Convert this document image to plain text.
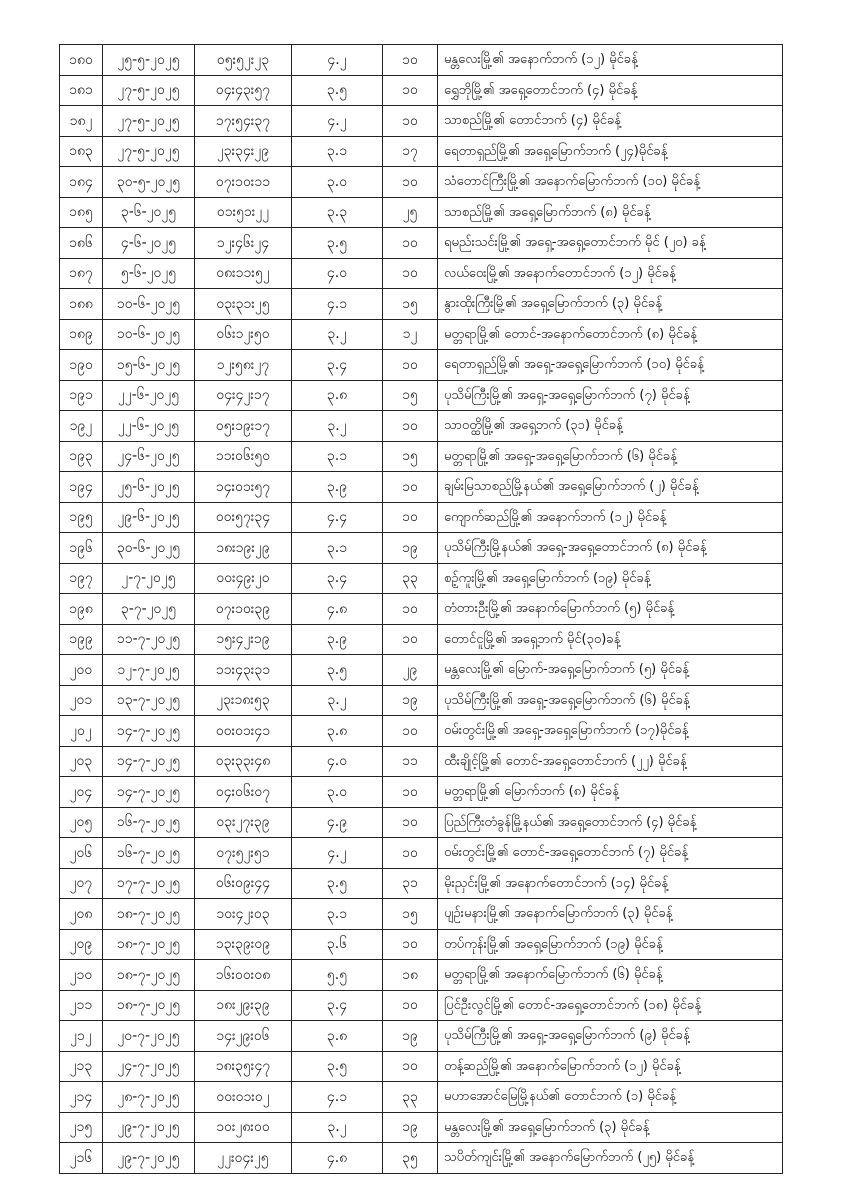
၁၈၀	၂၅-၅-၂၀၂၅	၀၅း၅၂း၂၃	၄.၂	၁၀	မန္တလေးမြို့၏ အနောက်ဘက် (၁၂) မိုင်ခန့်
၁၈၁	၂၇-၅-၂၀၂၅	၀၄း၄၃း၅၇	၃.၅	၁၀	ရွှေဘိုမြို့၏ အရှေ့တောင်ဘက် (၄) မိုင်ခန့်
၁၈၂	၂၇-၅-၂၀၂၅	၁၇း၅၄း၃၇	၄.၂	၁၀	သာစည်မြို့၏ တောင်ဘက် (၄) မိုင်ခန့်
၁၈၃	၂၇-၅-၂၀၂၅	၂၃း၃၄း၂၉	၃.၁	၁၇	ရေတာရှည်မြို့၏ အရှေ့မြောက်ဘက် (၂၄)မိုင်ခန့်
၁၈၄	၃၀-၅-၂၀၂၅	၀၇း၁၀း၁၁	၃.၀	၁၀	သံတောင်ကြီးမြို့၏ အနောက်မြောက်ဘက် (၁၀) မိုင်ခန့်
၁၈၅	၃-၆-၂၀၂၅	၀၁း၅၁း၂၂	၃.၃	၂၅	သာစည်မြို့၏ အရှေ့မြောက်ဘက် (၈) မိုင်ခန့်
၁၈၆	၄-၆-၂၀၂၅	၁၂း၄၆း၂၄	၃.၅	၁၀	ရမည်းသင်းမြို့၏ အရှေ့-အရှေ့တောင်ဘက် မိုင် (၂၀) ခန့်
၁၈၇	၅-၆-၂၀၂၅	၀၈း၁၁း၅၂	၄.၀	၁၀	လယ်ဝေးမြို့၏ အနောက်တောင်ဘက် (၁၂) မိုင်ခန့်
၁၈၈	၁၀-၆-၂၀၂၅	၀၃း၃၁း၂၅	၄.၁	၁၅	နွားထိုးကြီးမြို့၏ အရှေ့မြောက်ဘက် (၃) မိုင်ခန့်
၁၈၉	၁၀-၆-၂၀၂၅	၀၆း၁၂း၅၀	၃.၂	၁၂	မတ္တရာမြို့၏ တောင်-အနောက်တောင်ဘက် (၈) မိုင်ခန့်
၁၉၀	၁၅-၆-၂၀၂၅	၁၂း၅၈း၂၇	၃.၄	၁၀	ရေတာရှည်မြို့၏ အရှေ့-အရှေ့မြောက်ဘက် (၁၀) မိုင်ခန့်
၁၉၁	၂၂-၆-၂၀၂၅	၀၄း၄၂း၁၇	၃.၈	၁၅	ပုသိမ်ကြီးမြို့၏ အရှေ့-အရှေ့မြောက်ဘက် (၇) မိုင်ခန့်
၁၉၂	၂၂-၆-၂၀၂၅	၀၅း၁၉း၁၇	၃.၂	၁၀	သာဝတ္ထိမြို့၏ အရှေ့ဘက် (၃၁) မိုင်ခန့်
၁၉၃	၂၄-၆-၂၀၂၅	၁၁း၀၆း၅၀	၃.၁	၁၅	မတ္တရာမြို့၏ အရှေ့-အရှေ့မြောက်ဘက် (၆) မိုင်ခန့်
၁၉၄	၂၅-၆-၂၀၂၅	၁၄း၀၁း၅၇	၃.၉	၁၀	ချမ်းမြသာစည်မြို့နယ်၏ အရှေ့မြောက်ဘက် (၂) မိုင်ခန့်
၁၉၅	၂၉-၆-၂၀၂၅	၀၀း၅၇း၃၄	၄.၄	၁၀	ကျောက်ဆည်မြို့၏ အနောက်ဘက် (၁၂) မိုင်ခန့်
၁၉၆	၃၀-၆-၂၀၂၅	၁၈း၁၉း၂၉	၃.၁	၁၉	ပုသိမ်ကြီးမြို့နယ်၏ အရှေ့-အရှေ့တောင်ဘက် (၈) မိုင်ခန့်
၁၉၇	၂-၇-၂၀၂၅	၀၀း၄၉း၂၀	၃.၄	၃၃	စဉ့်ကူးမြို့၏ အရှေ့မြောက်ဘက် (၁၉) မိုင်ခန့်
၁၉၈	၃-၇-၂၀၂၅	၀၇း၁၀း၃၉	၄.၈	၁၀	တံတားဦးမြို့၏ အနောက်မြောက်ဘက် (၅) မိုင်ခန့်
၁၉၉	၁၁-၇-၂၀၂၅	၁၅း၄၂း၁၉	၃.၉	၁၀	တောင်ငူမြို့၏ အရှေ့ဘက် မိုင်(၃၀)ခန့်
၂၀၀	၁၂-၇-၂၀၂၅	၁၁း၄၃း၃၁	၃.၅	၂၉	မန္တလေးမြို့၏ မြောက်-အရှေ့မြောက်ဘက် (၅) မိုင်ခန့်
၂၀၁	၁၃-၇-၂၀၂၅	၂၃း၁၈း၅၃	၃.၂	၁၉	ပုသိမ်ကြီးမြို့၏ အရှေ့-အရှေ့မြောက်ဘက် (၆) မိုင်ခန့်
၂၀၂	၁၄-၇-၂၀၂၅	၀၀း၀၁း၄၁	၃.၈	၁၀	ဝမ်းတွင်းမြို့၏ အရှေ့-အရှေ့မြောက်ဘက် (၁၇)မိုင်ခန့်
၂၀၃	၁၄-၇-၂၀၂၅	၀၃း၃၃း၄၈	၄.၀	၁၁	ထီးချိုင့်မြို့၏ တောင်-အရှေ့တောင်ဘက် (၂၂) မိုင်ခန့်
၂၀၄	၁၄-၇-၂၀၂၅	၀၄း၀၆း၀၇	၃.၀	၁၀	မတ္တရာမြို့၏ မြောက်ဘက် (၈) မိုင်ခန့်
၂၀၅	၁၆-၇-၂၀၂၅	၀၃း၂၇း၃၉	၄.၉	၁၀	ပြည်ကြီးတံခွန်မြို့နယ်၏ အရှေ့တောင်ဘက် (၄) မိုင်ခန့်
၂၀၆	၁၆-၇-၂၀၂၅	၀၇း၅၂း၅၁	၄.၂	၁၀	ဝမ်းတွင်းမြို့၏ တောင်-အရှေ့တောင်ဘက် (၇) မိုင်ခန့်
၂၀၇	၁၇-၇-၂၀၂၅	၀၆း၀၉း၄၄	၃.၅	၃၁	မိုးညှင်းမြို့၏ အနောက်တောင်ဘက် (၁၄) မိုင်ခန့်
၂၀၈	၁၈-၇-၂၀၂၅	၁၀း၄၂း၀၃	၃.၁	၁၅	ပျဉ်းမနားမြို့၏ အနောက်မြောက်ဘက် (၃) မိုင်ခန့်
၂၀၉	၁၈-၇-၂၀၂၅	၁၃း၃၉း၀၉	၃.၆	၁၀	တပ်ကုန်းမြို့၏ အရှေ့မြောက်ဘက် (၁၉) မိုင်ခန့်
၂၁၀	၁၈-၇-၂၀၂၅	၁၆း၀၀း၀၈	၅.၅	၁၈	မတ္တရာမြို့၏ အနောက်မြောက်ဘက် (၆) မိုင်ခန့်
၂၁၁	၁၈-၇-၂၀၂၅	၁၈း၂၉း၃၉	၃.၄	၁၀	ပြင်ဦးလွင်မြို့၏ တောင်-အရှေ့တောင်ဘက် (၁၈) မိုင်ခန့်
၂၁၂	၂၀-၇-၂၀၂၅	၁၄း၂၉း၀၆	၃.၈	၁၉	ပုသိမ်ကြီးမြို့၏ အရှေ့-အရှေ့မြောက်ဘက် (၉) မိုင်ခန့်
၂၁၃	၂၄-၇-၂၀၂၅	၁၈း၃၅း၄၇	၃.၅	၁၀	တန့်ဆည်မြို့၏ အနောက်မြောက်ဘက် (၁၂) မိုင်ခန့်
၂၁၄	၂၈-၇-၂၀၂၅	၀၀း၀၁း၀၂	၄.၁	၃၃	မဟာအောင်မြေမြို့နယ်၏ တောင်ဘက် (၁) မိုင်ခန့်
၂၁၅	၂၉-၇-၂၀၂၅	၁၀း၂၈း၀၀	၃.၂	၁၉	မန္တလေးမြို့၏ အရှေ့မြောက်ဘက် (၃) မိုင်ခန့်
၂၁၆	၂၉-၇-၂၀၂၅	၂၂း၀၄း၂၅	၄.၈	၃၅	သပိတ်ကျင်းမြို့၏ အနောက်မြောက်ဘက် (၂၅) မိုင်ခန့်
